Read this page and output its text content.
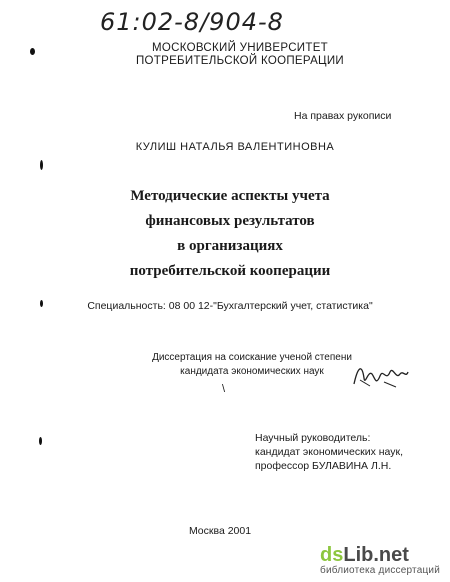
61:02-8/904-8
МОСКОВСКИЙ УНИВЕРСИТЕТ
ПОТРЕБИТЕЛЬСКОЙ КООПЕРАЦИИ
На правах рукописи
КУЛИШ НАТАЛЬЯ ВАЛЕНТИНОВНА
Методические аспекты учета
финансовых результатов
в организациях
потребительской кооперации
Специальность: 08 00 12-"Бухгалтерский учет, статистика"
Диссертация на соискание ученой степени
кандидата экономических наук
\
Научный руководитель:
кандидат экономических наук,
профессор БУЛАВИНА Л.Н.
Москва 2001
ds Lib .net
библиотека диссертаций
